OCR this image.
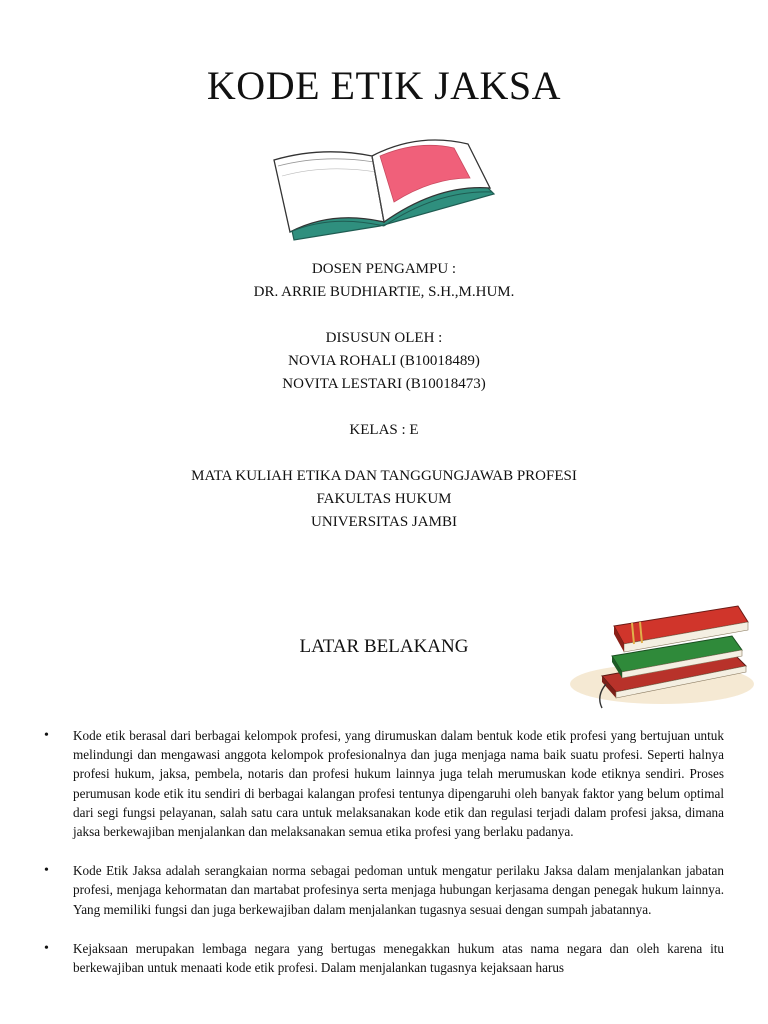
KODE ETIK JAKSA
DOSEN PENGAMPU :
DR. ARRIE BUDHIARTIE, S.H.,M.HUM.
DISUSUN OLEH :
NOVIA ROHALI (B10018489)
NOVITA LESTARI (B10018473)
KELAS : E
MATA KULIAH ETIKA DAN TANGGUNGJAWAB PROFESI
FAKULTAS HUKUM
UNIVERSITAS JAMBI
LATAR BELAKANG
• Kode etik berasal dari berbagai kelompok profesi, yang dirumuskan dalam bentuk kode etik profesi yang bertujuan untuk melindungi dan mengawasi anggota kelompok profesionalnya dan juga menjaga nama baik suatu profesi. Seperti halnya profesi hukum, jaksa, pembela, notaris dan profesi hukum lainnya juga telah merumuskan kode etiknya sendiri. Proses perumusan kode etik itu sendiri di berbagai kalangan profesi tentunya dipengaruhi oleh banyak faktor yang belum optimal dari segi fungsi pelayanan, salah satu cara untuk melaksanakan kode etik dan regulasi terjadi dalam profesi jaksa, dimana jaksa berkewajiban menjalankan dan melaksanakan semua etika profesi yang berlaku padanya.
• Kode Etik Jaksa adalah serangkaian norma sebagai pedoman untuk mengatur perilaku Jaksa dalam menjalankan jabatan profesi, menjaga kehormatan dan martabat profesinya serta menjaga hubungan kerjasama dengan penegak hukum lainnya. Yang memiliki fungsi dan juga berkewajiban dalam menjalankan tugasnya sesuai dengan sumpah jabatannya.
• Kejaksaan merupakan lembaga negara yang bertugas menegakkan hukum atas nama negara dan oleh karena itu berkewajiban untuk menaati kode etik profesi. Dalam menjalankan tugasnya kejaksaan harus
